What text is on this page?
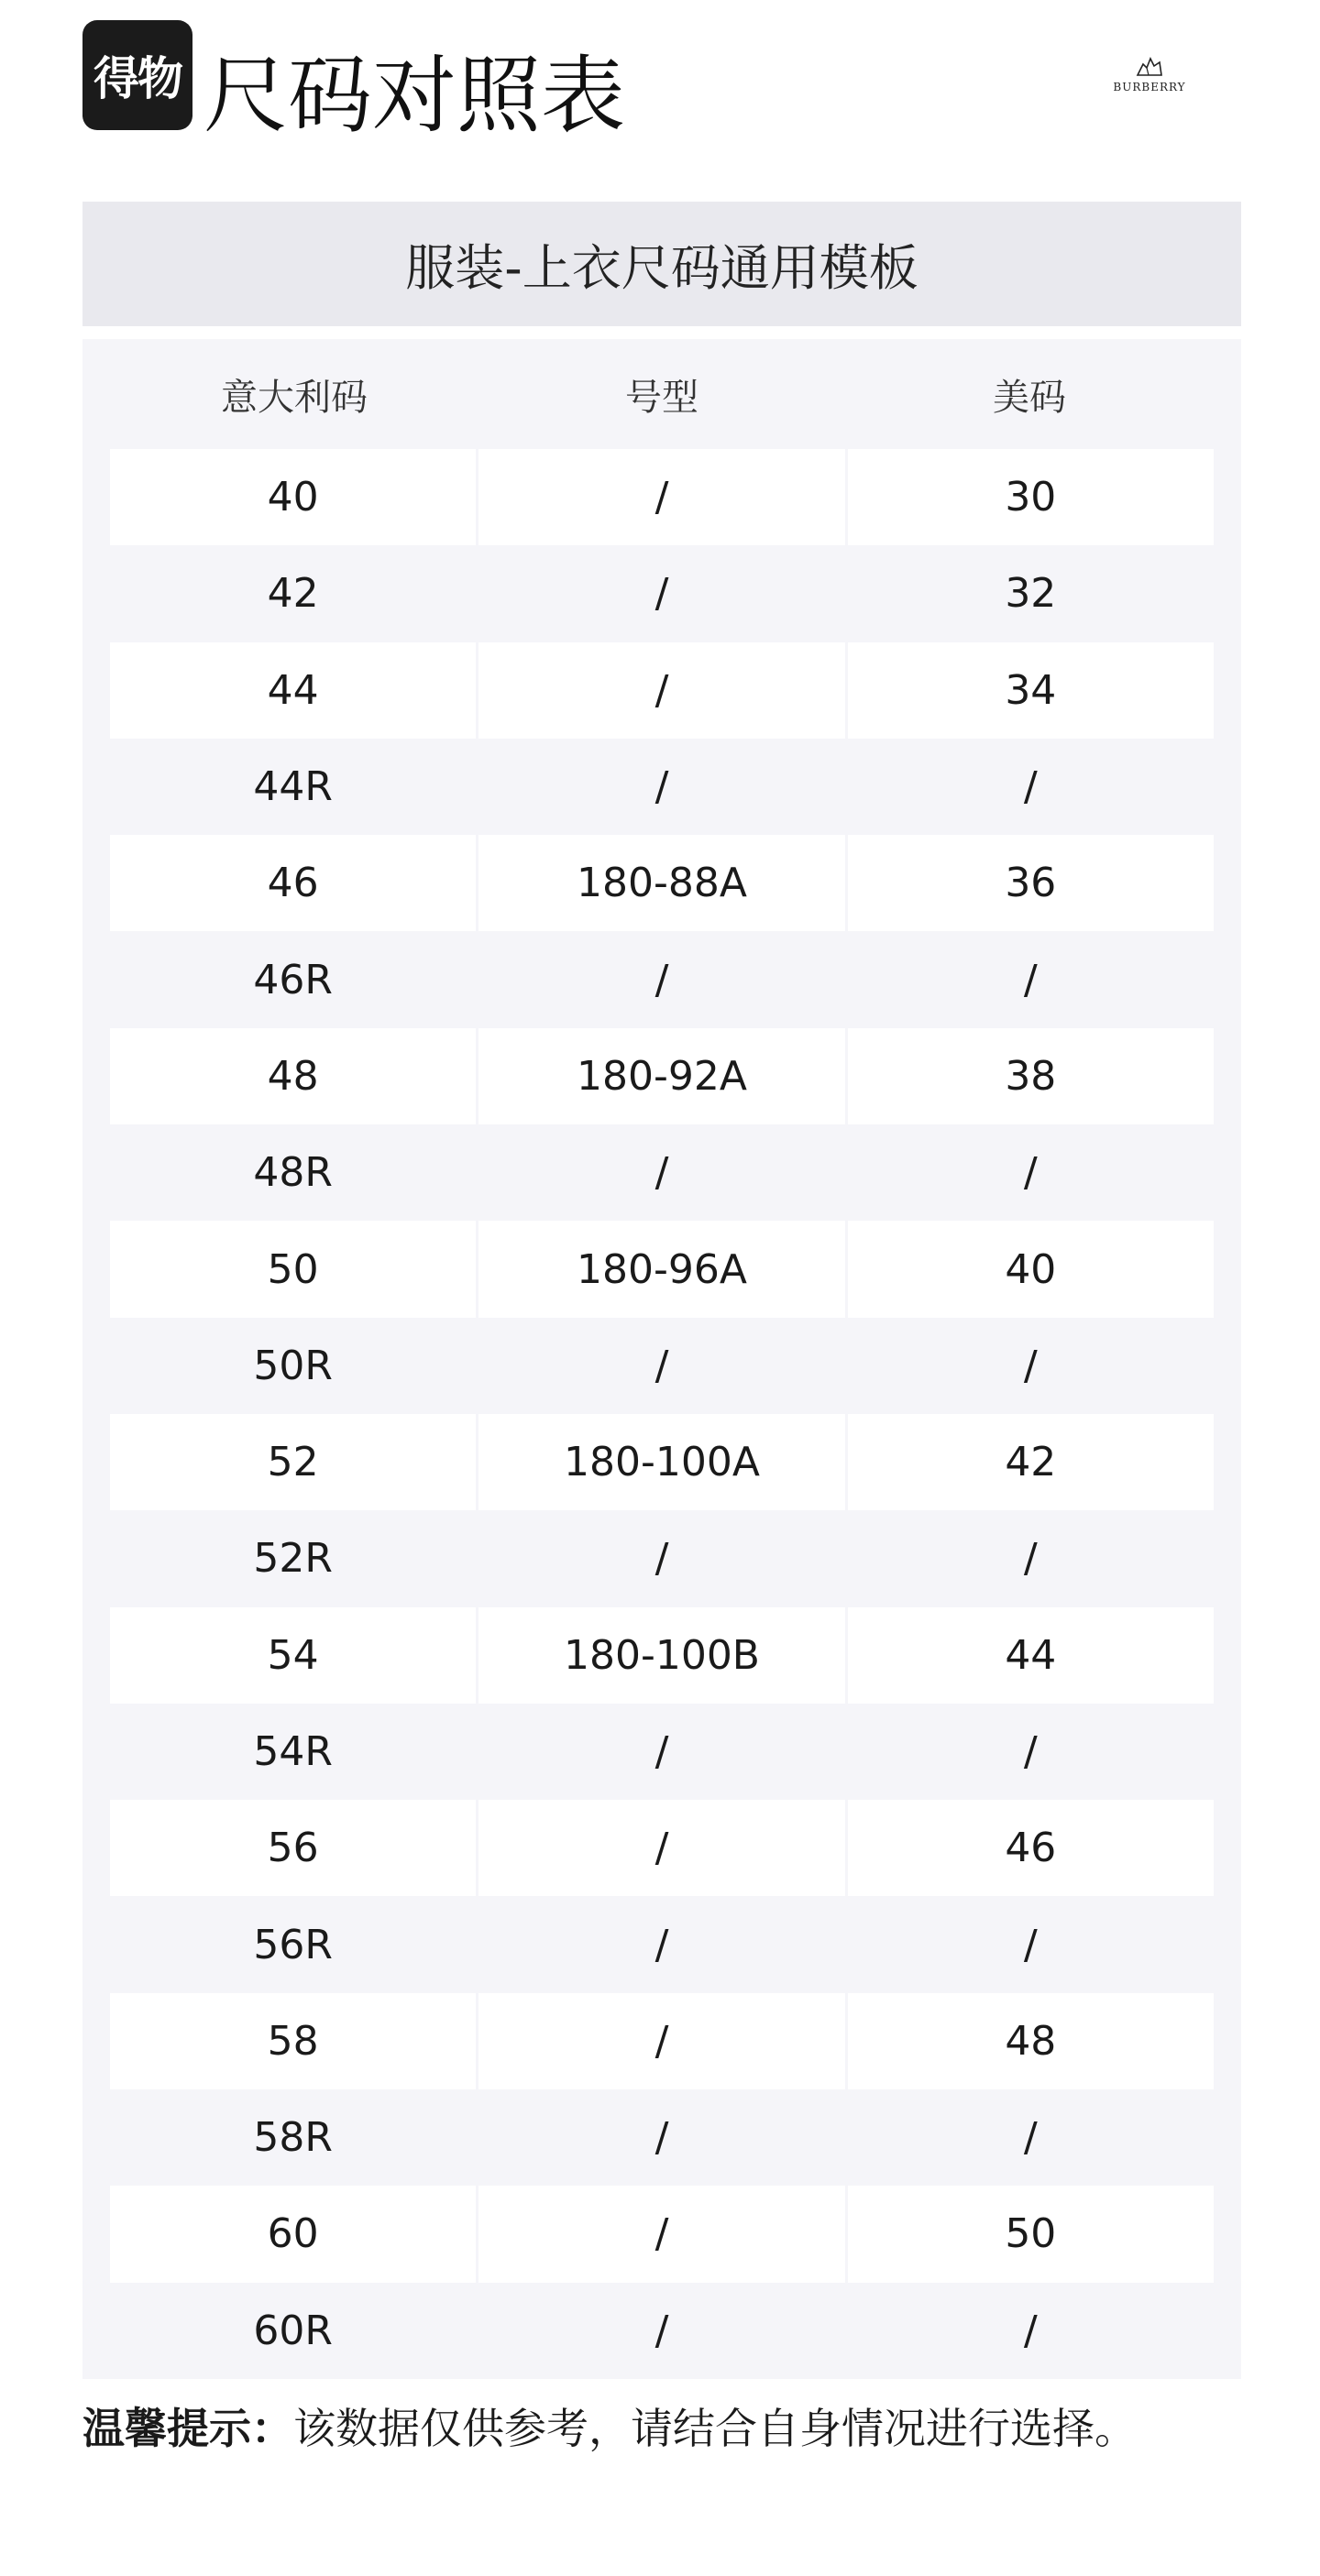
得物 尺码对照表	BURBERRY
服装-上衣尺码通用模板
意大利码	号型	美码
40	/	30
42	/	32
44	/	34
44R	/	/
46	180-88A	36
46R	/	/
48	180-92A	38
48R	/	/
50	180-96A	40
50R	/	/
52	180-100A	42
52R	/	/
54	180-100B	44
54R	/	/
56	/	46
56R	/	/
58	/	48
58R	/	/
60	/	50
60R	/	/
温馨提示：该数据仅供参考，请结合自身情况进行选择。
